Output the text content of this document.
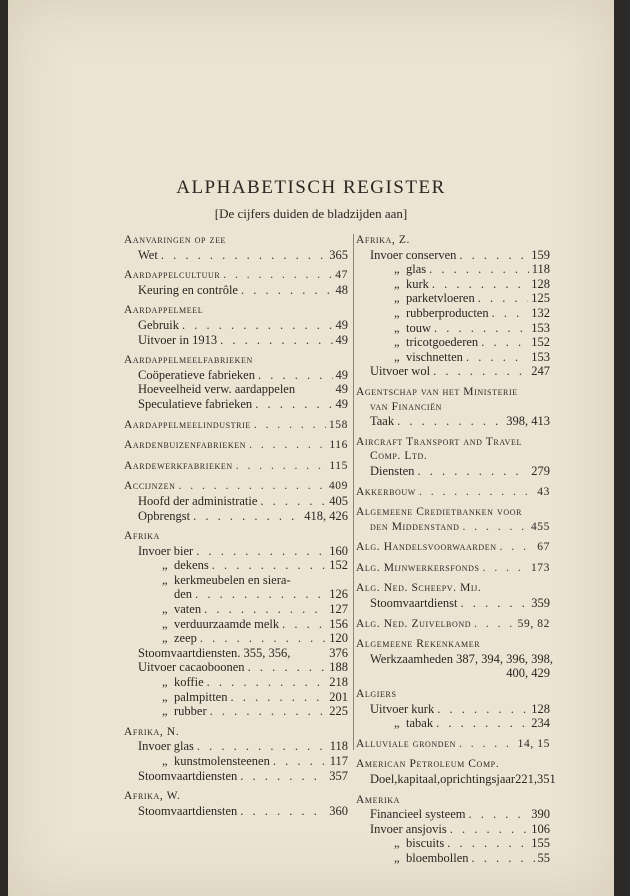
ALPHABETISCH REGISTER
[De cijfers duiden de bladzijden aan]
Aanvaringen op zee
Wet . . .	365
Aardappelcultuur . . .	47
Keuring en contrôle . . .	48
Aardappelmeel
Gebruik . . .	49
Uitvoer in 1913 . . .	49
Aardappelmeelfabrieken
Coöperatieve fabrieken . . .	49
Hoeveelheid verw. aardappelen	49
Speculatieve fabrieken . . .	49
Aardappelmeelindustrie . . .	158
Aardenbuizenfabrieken . . .	116
Aardewerkfabrieken . . .	115
Accijnzen . . .	409
Hoofd der administratie . . .	405
Opbrengst . . .	418, 426
Afrika
Invoer bier . . .	160
„ dekens . . .	152
„ kerkmeubelen en siera-
den . . .	126
„ vaten . . .	127
„ verduurzaamde melk . . .	156
„ zeep . . .	120
Stoomvaartdiensten. 355, 356,	376
Uitvoer cacaoboonen . . .	188
„ koffie . . .	218
„ palmpitten . . .	201
„ rubber . . .	225
Afrika, N.
Invoer glas . . .	118
„ kunstmolensteenen . . .	117
Stoomvaartdiensten . . .	357
Afrika, W.
Stoomvaartdiensten . . .	360
Afrika, Z.
Invoer conserven . . .	159
„ glas . . .	118
„ kurk . . .	128
„ parketvloeren . . .	125
„ rubberproducten . . .	132
„ touw . . .	153
„ tricotgoederen . . .	152
„ vischnetten . . .	153
Uitvoer wol . . .	247
Agentschap van het Ministerie
van Financiën
Taak . . .	398, 413
Aircraft Transport and Travel
Comp. Ltd.
Diensten . . .	279
Akkerbouw . . .	43
Algemeene Credietbanken voor
den Middenstand . . .	455
Alg. Handelsvoorwaarden . . .	67
Alg. Mijnwerkersfonds . . .	173
Alg. Ned. Scheepv. Mij.
Stoomvaartdienst . . .	359
Alg. Ned. Zuivelbond . . .	59, 82
Algemeene Rekenkamer
Werkzaamheden 387, 394, 396, 398,
400, 429
Algiers
Uitvoer kurk . . .	128
„ tabak . . .	234
Alluviale gronden . . .	14, 15
American Petroleum Comp.
Doel,kapitaal,oprichtingsjaar221,351
Amerika
Financieel systeem . . .	390
Invoer ansjovis . . .	106
„ biscuits . . .	155
„ bloembollen . . .	55
